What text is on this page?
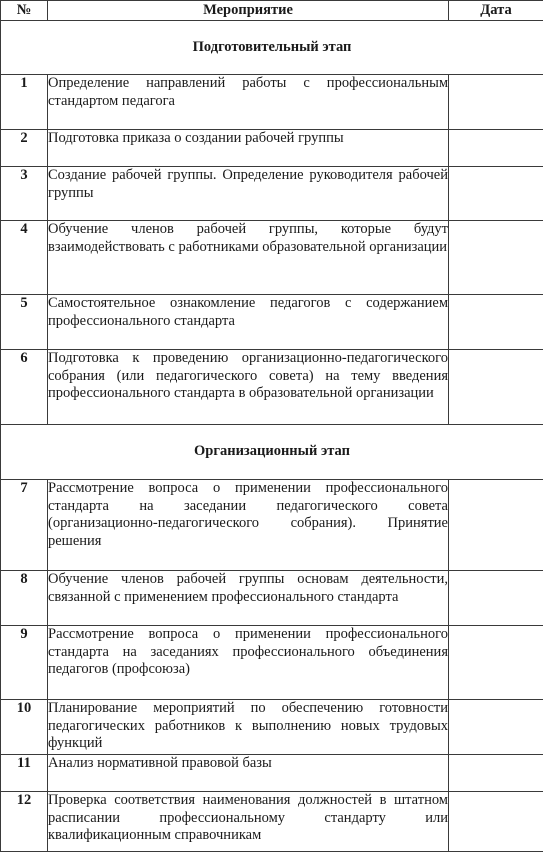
№	Мероприятие	Дата
Подготовительный этап		
1	Определение направлений работы с профессиональным стандартом педагога	
2	Подготовка приказа о создании рабочей группы	
3	Создание рабочей группы. Определение руководителя рабочей группы	
4	Обучение членов рабочей группы, которые будут взаимодействовать с работниками образовательной организации	
5	Самостоятельное ознакомление педагогов с содержанием профессионального стандарта	
6	Подготовка к проведению организационно-педагогического собрания (или педагогического совета) на тему введения профессионального стандарта в образовательной организации	
Организационный этап		
7	Рассмотрение вопроса о применении профессионального стандарта на заседании педагогического совета (организационно-педагогического собрания). Принятие решения	
8	Обучение членов рабочей группы основам деятельности, связанной с применением профессионального стандарта	
9	Рассмотрение вопроса о применении профессионального стандарта на заседаниях профессионального объединения педагогов (профсоюза)	
10	Планирование мероприятий по обеспечению готовности педагогических работников к выполнению новых трудовых функций	
11	Анализ нормативной правовой базы	
12	Проверка соответствия наименования должностей в штатном расписании профессиональному стандарту или квалификационным справочникам	
